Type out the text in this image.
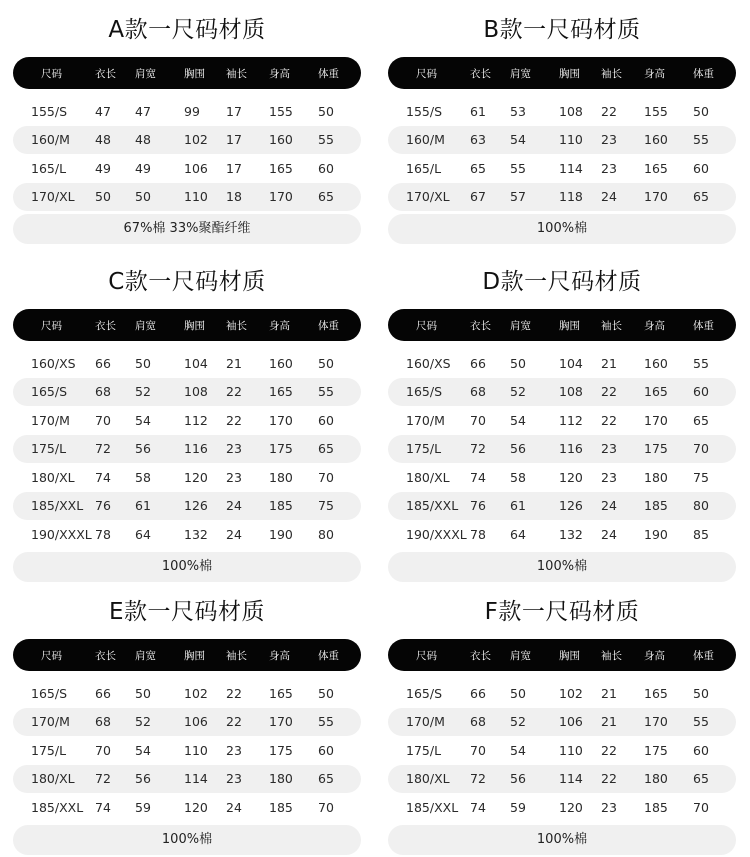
A款一尺码材质
尺码	衣长 肩宽	胸围 袖长 身高	体重
155/S 47 47	99 17 155 50
160/M 48 48	102 17 160 55
165/L 49 49	106 17 165 60
170/XL 50 50	110 18 170 65
67%棉 33%聚酯纤维
B款一尺码材质
尺码	衣长 肩宽	胸围 袖长 身高	体重
155/S 61 53	108 22 155 50
160/M 63 54	110 23 160 55
165/L 65 55	114 23 165 60
170/XL 67 57	118 24 170 65
100%棉
C款一尺码材质
尺码	衣长 肩宽	胸围 袖长 身高	体重
160/XS 66 50	104 21 160 50
165/S 68 52	108 22 165 55
170/M 70 54	112 22 170 60
175/L 72 56	116 23 175 65
180/XL 74 58	120 23 180 70
185/XXL 76 61	126 24 185 75
190/XXXL 78 64	132 24 190 80
100%棉
D款一尺码材质
尺码	衣长 肩宽	胸围 袖长 身高	体重
160/XS 66 50	104 21 160 55
165/S 68 52	108 22 165 60
170/M 70 54	112 22 170 65
175/L 72 56	116 23 175 70
180/XL 74 58	120 23 180 75
185/XXL 76 61	126 24 185 80
190/XXXL 78 64	132 24 190 85
100%棉
E款一尺码材质
尺码	衣长 肩宽	胸围 袖长 身高	体重
165/S 66 50	102 22 165 50
170/M 68 52	106 22 170 55
175/L 70 54	110 23 175 60
180/XL 72 56	114 23 180 65
185/XXL 74 59	120 24 185 70
100%棉
F款一尺码材质
尺码	衣长 肩宽	胸围 袖长 身高	体重
165/S 66 50	102 21 165 50
170/M 68 52	106 21 170 55
175/L 70 54	110 22 175 60
180/XL 72 56	114 22 180 65
185/XXL 74 59	120 23 185 70
100%棉
